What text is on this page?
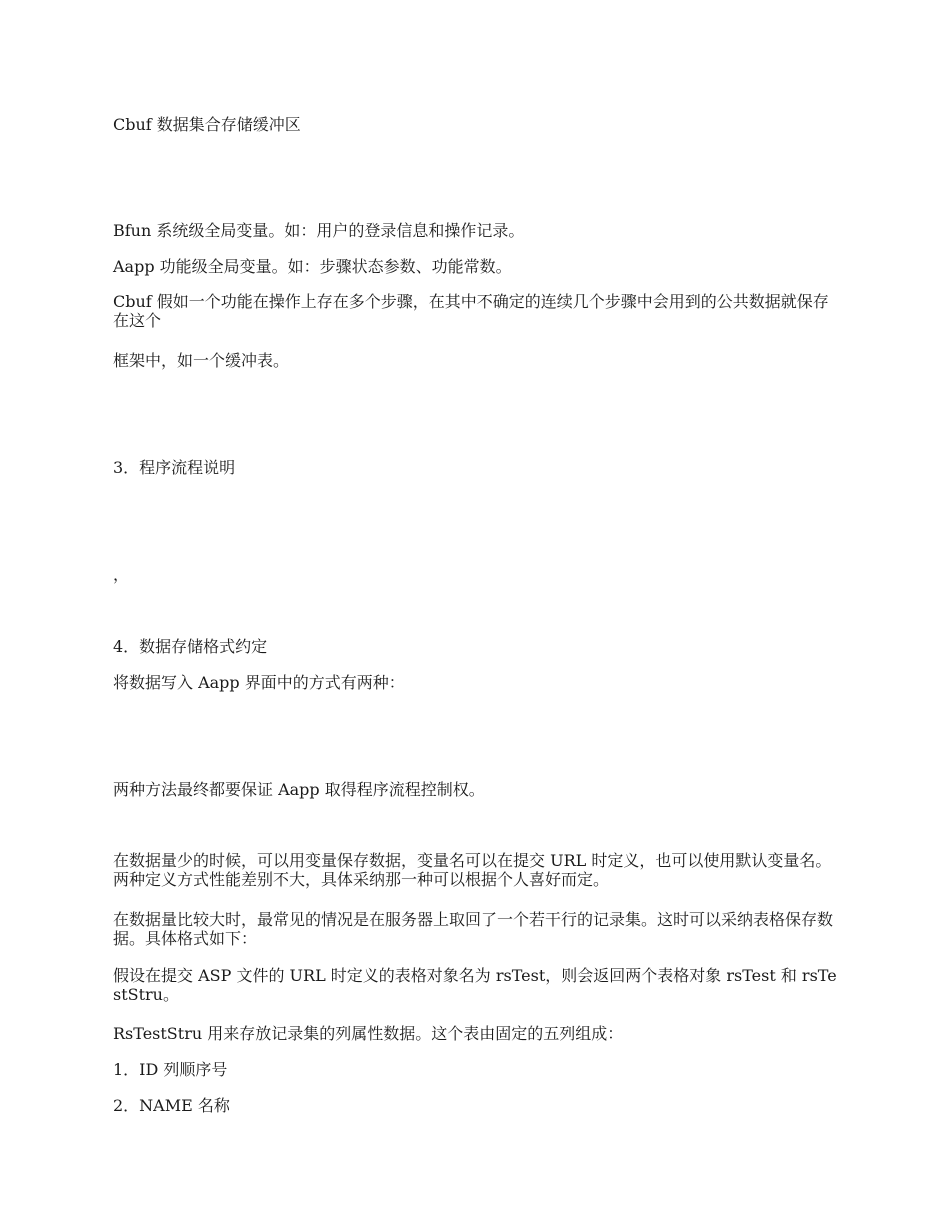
Cbuf 数据集合存储缓冲区

Bfun 系统级全局变量。如：用户的登录信息和操作记录。

Aapp 功能级全局变量。如：步骤状态参数、功能常数。

Cbuf 假如一个功能在操作上存在多个步骤，在其中不确定的连续几个步骤中会用到的公共数据就保存在这个

框架中，如一个缓冲表。

3．程序流程说明

，

4．数据存储格式约定

将数据写入 Aapp 界面中的方式有两种：

两种方法最终都要保证 Aapp 取得程序流程控制权。

在数据量少的时候，可以用变量保存数据，变量名可以在提交 URL 时定义，也可以使用默认变量名。两种定义方式性能差别不大，具体采纳那一种可以根据个人喜好而定。

在数据量比较大时，最常见的情况是在服务器上取回了一个若干行的记录集。这时可以采纳表格保存数据。具体格式如下：

假设在提交 ASP 文件的 URL 时定义的表格对象名为 rsTest，则会返回两个表格对象 rsTest 和 rsTestStru。

RsTestStru 用来存放记录集的列属性数据。这个表由固定的五列组成：

1．ID 列顺序号

2．NAME 名称
